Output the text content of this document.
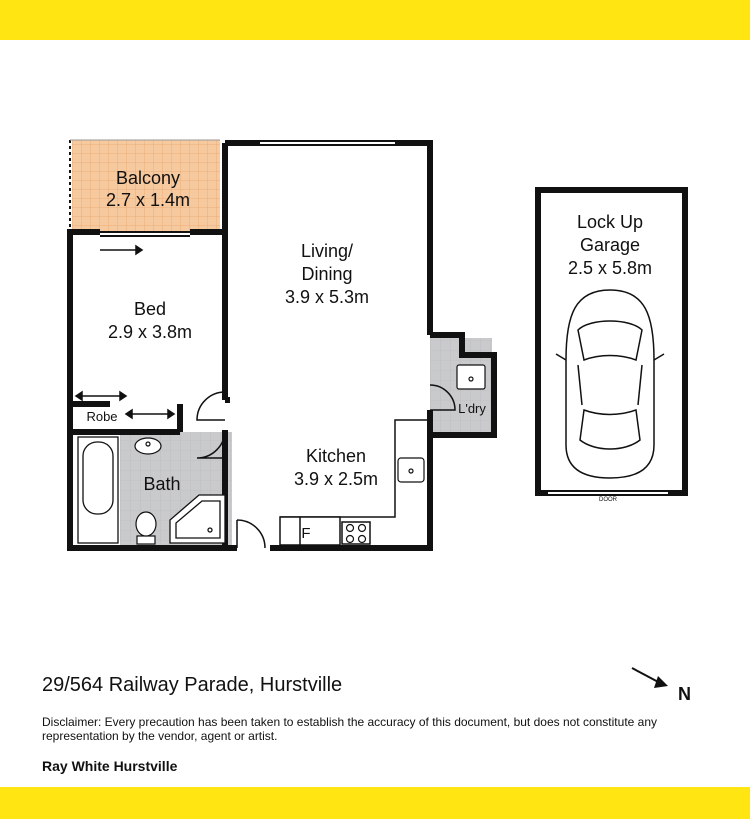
DOOR
Balcony
2.7 x 1.4m
Living/
Dining
3.9 x 5.3m
Bed
2.9 x 3.8m
Robe
Bath
Kitchen
3.9 x 2.5m
F
L'dry
Lock Up
Garage
2.5 x 5.8m
29/564 Railway Parade, Hurstville
Disclaimer: Every precaution has been taken to establish the accuracy of this document, but does not constitute any representation by the vendor, agent or artist.
Ray White Hurstville
N
